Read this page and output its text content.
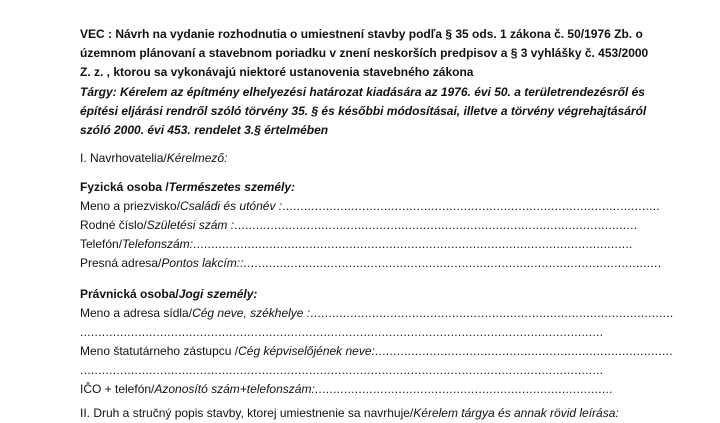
VEC : Návrh na vydanie rozhodnutia o umiestnení stavby podľa § 35 ods. 1 zákona č. 50/1976 Zb. o
územnom plánovaní a stavebnom poriadku v znení neskorších predpisov a § 3 vyhlášky č. 453/2000
Z. z. , ktorou sa vykonávajú niektoré ustanovenia stavebného zákona
Tárgy: Kérelem az építmény elhelyezési határozat kiadására az 1976. évi 50. a területrendezésről és
építési eljárási rendről szóló törvény 35. § és későbbi módosításai, illetve a törvény végrehajtásáról
szóló 2000. évi 453. rendelet 3.§ értelmében
I. Navrhovatelia/Kérelmező:
Fyzická osoba /Természetes személy:
Meno a priezvisko/Családi és utónév : ........................................................................................................
Rodné číslo/Születési szám : ...............................................................................................................
Telefón/Telefonszám: .........................................................................................................................
Presná adresa/Pontos lakcím:: ...................................................................................................................
Právnická osoba/Jogi személy:
Meno a adresa sídla/Cég neve, székhelye : ....................................................................................................
................................................................................................................................................
Meno štatutárneho zástupcu /Cég képviselőjének neve: ..................................................................................
................................................................................................................................................
IČO + telefón/Azonosító szám+telefonszám: ..................................................................................
II. Druh a stručný popis stavby, ktorej umiestnenie sa navrhuje/Kérelem tárgya és annak rövid leírása:
